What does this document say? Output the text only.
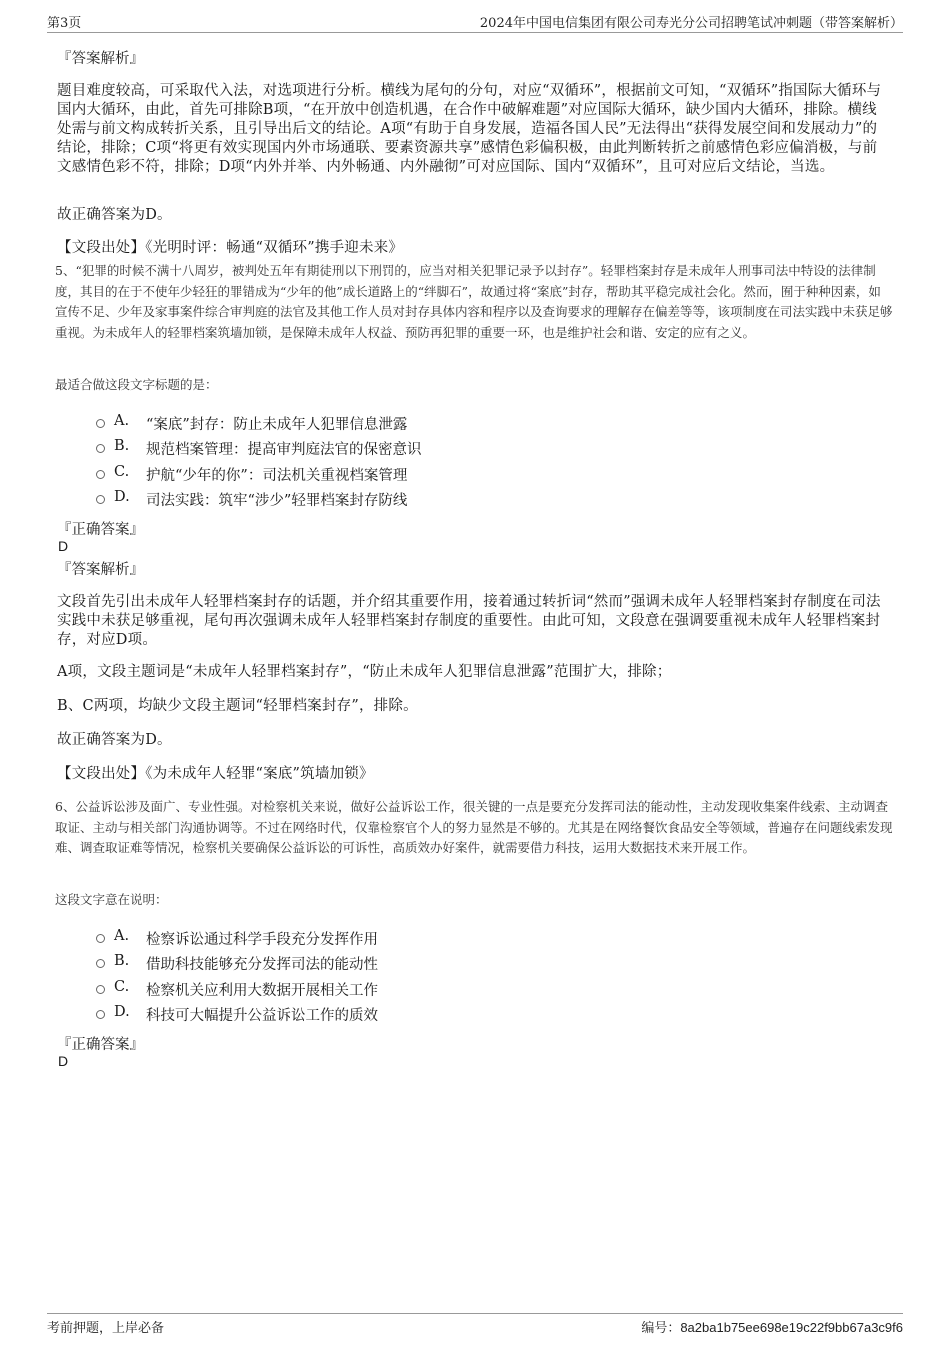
第3页	2024年中国电信集团有限公司寿光分公司招聘笔试冲刺题（带答案解析）
『答案解析』
题目难度较高，可采取代入法，对选项进行分析。横线为尾句的分句，对应“双循环”，根据前文可知，“双循环”指国际大循环与国内大循环，由此，首先可排除B项，“在开放中创造机遇，在合作中破解难题”对应国际大循环，缺少国内大循环，排除。横线处需与前文构成转折关系，且引导出后文的结论。A项“有助于自身发展，造福各国人民”无法得出“获得发展空间和发展动力”的结论，排除；C项“将更有效实现国内外市场通联、要素资源共享”感情色彩偏积极，由此判断转折之前感情色彩应偏消极，与前文感情色彩不符，排除；D项“内外并举、内外畅通、内外融彻”可对应国际、国内“双循环”，且可对应后文结论，当选。
故正确答案为D。
【文段出处】《光明时评：畅通“双循环”携手迎未来》
5、“犯罪的时候不满十八周岁，被判处五年有期徒刑以下刑罚的，应当对相关犯罪记录予以封存”。轻罪档案封存是未成年人刑事司法中特设的法律制度，其目的在于不使年少轻狂的罪错成为“少年的他”成长道路上的“绊脚石”，故通过将“案底”封存，帮助其平稳完成社会化。然而，囿于种种因素，如宣传不足、少年及家事案件综合审判庭的法官及其他工作人员对封存具体内容和程序以及查询要求的理解存在偏差等等，该项制度在司法实践中未获足够重视。为未成年人的轻罪档案筑墙加锁，是保障未成年人权益、预防再犯罪的重要一环，也是维护社会和谐、安定的应有之义。
最适合做这段文字标题的是：
A. “案底”封存：防止未成年人犯罪信息泄露
B. 规范档案管理：提高审判庭法官的保密意识
C. 护航“少年的你”：司法机关重视档案管理
D. 司法实践：筑牢“涉少”轻罪档案封存防线
『正确答案』
D
『答案解析』
文段首先引出未成年人轻罪档案封存的话题，并介绍其重要作用，接着通过转折词“然而”强调未成年人轻罪档案封存制度在司法实践中未获足够重视，尾句再次强调未成年人轻罪档案封存制度的重要性。由此可知，文段意在强调要重视未成年人轻罪档案封存，对应D项。
A项，文段主题词是“未成年人轻罪档案封存”，“防止未成年人犯罪信息泄露”范围扩大，排除；
B、C两项，均缺少文段主题词“轻罪档案封存”，排除。
故正确答案为D。
【文段出处】《为未成年人轻罪“案底”筑墙加锁》
6、公益诉讼涉及面广、专业性强。对检察机关来说，做好公益诉讼工作，很关键的一点是要充分发挥司法的能动性，主动发现收集案件线索、主动调查取证、主动与相关部门沟通协调等。不过在网络时代，仅靠检察官个人的努力显然是不够的。尤其是在网络餐饮食品安全等领域，普遍存在问题线索发现难、调查取证难等情况，检察机关要确保公益诉讼的可诉性，高质效办好案件，就需要借力科技，运用大数据技术来开展工作。
这段文字意在说明：
A. 检察诉讼通过科学手段充分发挥作用
B. 借助科技能够充分发挥司法的能动性
C. 检察机关应利用大数据开展相关工作
D. 科技可大幅提升公益诉讼工作的质效
『正确答案』
D
考前押题，上岸必备	编号：8a2ba1b75ee698e19c22f9bb67a3c9f6
